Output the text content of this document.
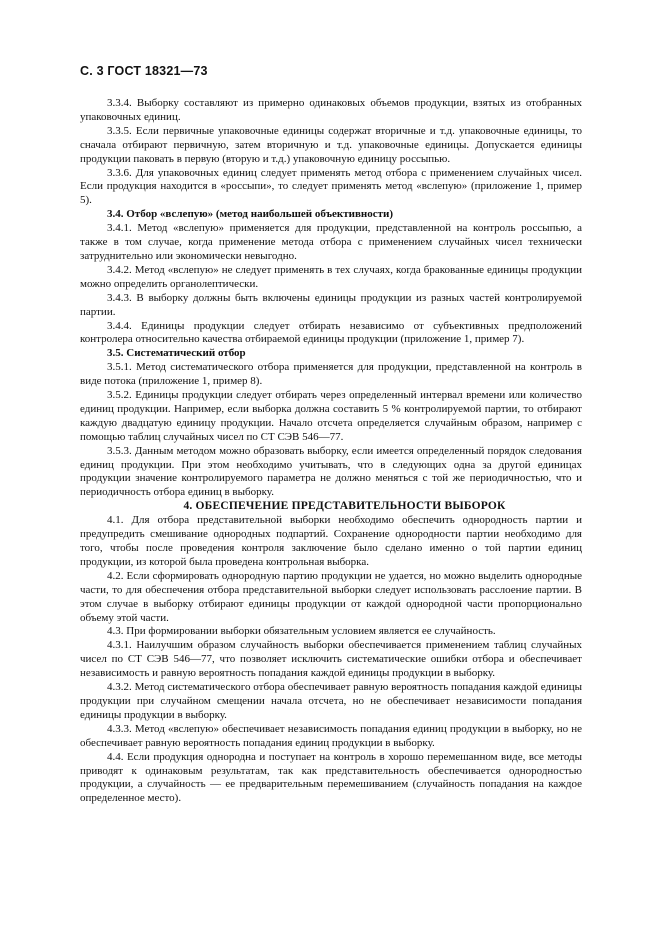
С. 3 ГОСТ 18321—73

3.3.4. Выборку составляют из примерно одинаковых объемов продукции, взятых из отобранных упаковочных единиц.

3.3.5. Если первичные упаковочные единицы содержат вторичные и т.д. упаковочные единицы, то сначала отбирают первичную, затем вторичную и т.д. упаковочные единицы. Допускается единицы продукции паковать в первую (вторую и т.д.) упаковочную единицу россыпью.

3.3.6. Для упаковочных единиц следует применять метод отбора с применением случайных чисел. Если продукция находится в «россыпи», то следует применять метод «вслепую» (приложение 1, пример 5).

3.4. Отбор «вслепую» (метод наибольшей объективности)

3.4.1. Метод «вслепую» применяется для продукции, представленной на контроль россыпью, а также в том случае, когда применение метода отбора с применением случайных чисел технически затруднительно или экономически невыгодно.

3.4.2. Метод «вслепую» не следует применять в тех случаях, когда бракованные единицы продукции можно определить органолептически.

3.4.3. В выборку должны быть включены единицы продукции из разных частей контролируемой партии.

3.4.4. Единицы продукции следует отбирать независимо от субъективных предположений контролера относительно качества отбираемой единицы продукции (приложение 1, пример 7).

3.5. Систематический отбор

3.5.1. Метод систематического отбора применяется для продукции, представленной на контроль в виде потока (приложение 1, пример 8).

3.5.2. Единицы продукции следует отбирать через определенный интервал времени или количество единиц продукции. Например, если выборка должна составить 5 % контролируемой партии, то отбирают каждую двадцатую единицу продукции. Начало отсчета определяется случайным образом, например с помощью таблиц случайных чисел по СТ СЭВ 546—77.

3.5.3. Данным методом можно образовать выборку, если имеется определенный порядок следования единиц продукции. При этом необходимо учитывать, что в следующих одна за другой единицах продукции значение контролируемого параметра не должно меняться с той же периодичностью, что и периодичность отбора единиц в выборку.

4. ОБЕСПЕЧЕНИЕ ПРЕДСТАВИТЕЛЬНОСТИ ВЫБОРОК

4.1. Для отбора представительной выборки необходимо обеспечить однородность партии и предупредить смешивание однородных подпартий. Сохранение однородности партии необходимо для того, чтобы после проведения контроля заключение было сделано именно о той партии единиц продукции, из которой была проведена контрольная выборка.

4.2. Если сформировать однородную партию продукции не удается, но можно выделить однородные части, то для обеспечения отбора представительной выборки следует использовать расслоение партии. В этом случае в выборку отбирают единицы продукции от каждой однородной части пропорционально объему этой части.

4.3. При формировании выборки обязательным условием является ее случайность.

4.3.1. Наилучшим образом случайность выборки обеспечивается применением таблиц случайных чисел по СТ СЭВ 546—77, что позволяет исключить систематические ошибки отбора и обеспечивает независимость и равную вероятность попадания каждой единицы продукции в выборку.

4.3.2. Метод систематического отбора обеспечивает равную вероятность попадания каждой единицы продукции при случайном смещении начала отсчета, но не обеспечивает независимости попадания единицы продукции в выборку.

4.3.3. Метод «вслепую» обеспечивает независимость попадания единиц продукции в выборку, но не обеспечивает равную вероятность попадания единиц продукции в выборку.

4.4. Если продукция однородна и поступает на контроль в хорошо перемешанном виде, все методы приводят к одинаковым результатам, так как представительность обеспечивается однородностью продукции, а случайность — ее предварительным перемешиванием (случайность попадания на каждое определенное место).
